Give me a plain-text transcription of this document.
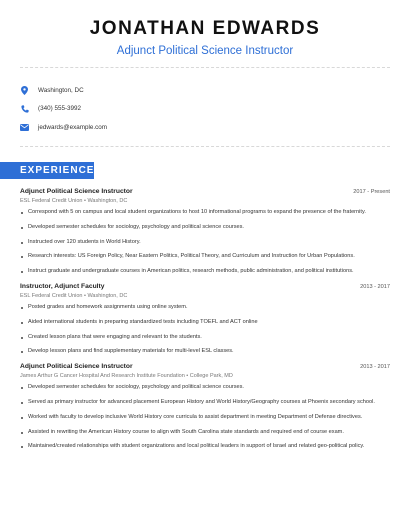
JONATHAN EDWARDS
Adjunct Political Science Instructor
Washington, DC
(340) 555-3992
jedwards@example.com
EXPERIENCE
Adjunct Political Science Instructor	2017 - Present
ESL Federal Credit Union • Washington, DC
Correspond with 5 on campus and local student organizations to host 10 informational programs to expand the presence of the fraternity.
Developed semester schedules for sociology, psychology and political science courses.
Instructed over 120 students in World History.
Research interests: US Foreign Policy, Near Eastern Politics, Political Theory, and Curriculum and Instruction for Urban Populations.
Instruct graduate and undergraduate courses in American politics, research methods, public administration, and political institutions.
Instructor, Adjunct Faculty	2013 - 2017
ESL Federal Credit Union • Washington, DC
Posted grades and homework assignments using online system.
Aided international students in preparing standardized tests including TOEFL and ACT online
Created lesson plans that were engaging and relevant to the students.
Develop lesson plans and find supplementary materials for multi-level ESL classes.
Adjunct Political Science Instructor	2013 - 2017
James Arthur G Cancer Hospital And Research Institute Foundation • College Park, MD
Developed semester schedules for sociology, psychology and political science courses.
Served as primary instructor for advanced placement European History and World History/Geography courses at Phoenix secondary school.
Worked with faculty to develop inclusive World History core curricula to assist department in meeting Department of Defense directives.
Assisted in rewriting the American History course to align with South Carolina state standards and required end of course exam.
Maintained/created relationships with student organizations and local political leaders in support of Israel and related geo-political policy.
